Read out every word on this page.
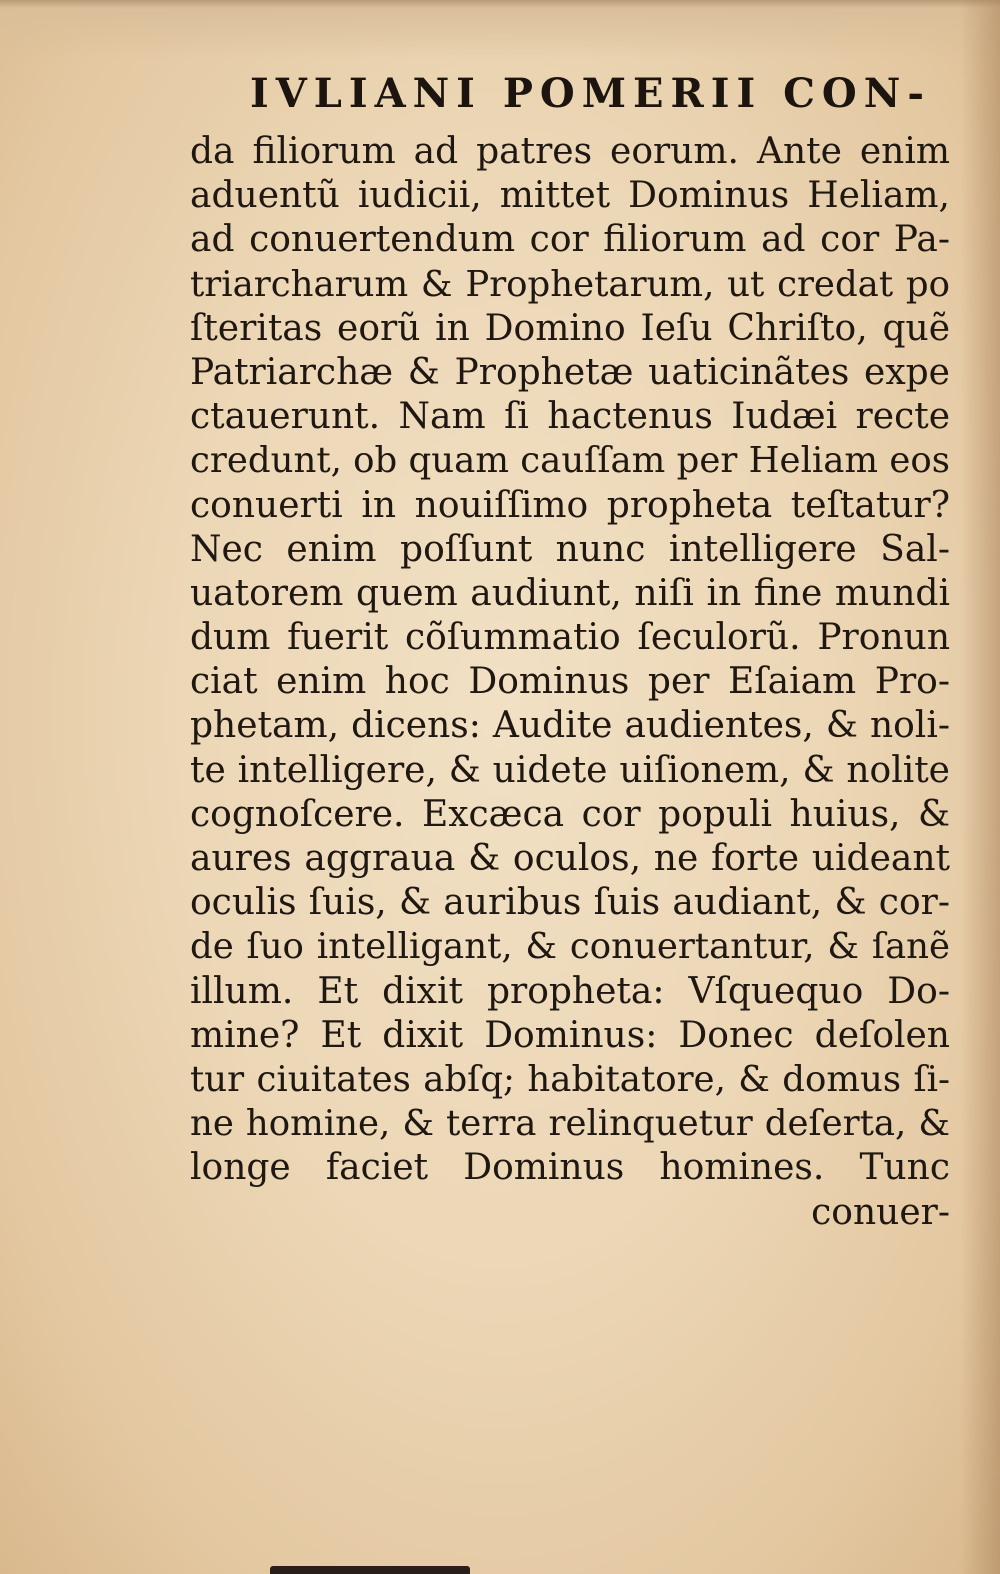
IVLIANI POMERII CON-
da filiorum ad patres eorum. Ante enim
aduentũ iudicii, mittet Dominus Heliam,
ad conuertendum cor filiorum ad cor Pa-
triarcharum & Prophetarum, ut credat po
ſteritas eorũ in Domino Ieſu Chriſto, quẽ
Patriarchæ & Prophetæ uaticinãtes expe
ctauerunt. Nam ſi hactenus Iudæi recte
credunt, ob quam cauſſam per Heliam eos
conuerti in nouiſſimo propheta teſtatur?
Nec enim poſſunt nunc intelligere Sal-
uatorem quem audiunt, niſi in fine mundi
dum fuerit cõſummatio ſeculorũ. Pronun
ciat enim hoc Dominus per Eſaiam Pro-
phetam, dicens: Audite audientes, & noli-
te intelligere, & uidete uiſionem, & nolite
cognoſcere. Excæca cor populi huius, &
aures aggraua & oculos, ne forte uideant
oculis ſuis, & auribus ſuis audiant, & cor-
de ſuo intelligant, & conuertantur, & ſanẽ
illum. Et dixit propheta: Vſquequo Do-
mine? Et dixit Dominus: Donec deſolen
tur ciuitates abſq; habitatore, & domus ſi-
ne homine, & terra relinquetur deſerta, &
longe faciet Dominus homines. Tunc
conuer-
